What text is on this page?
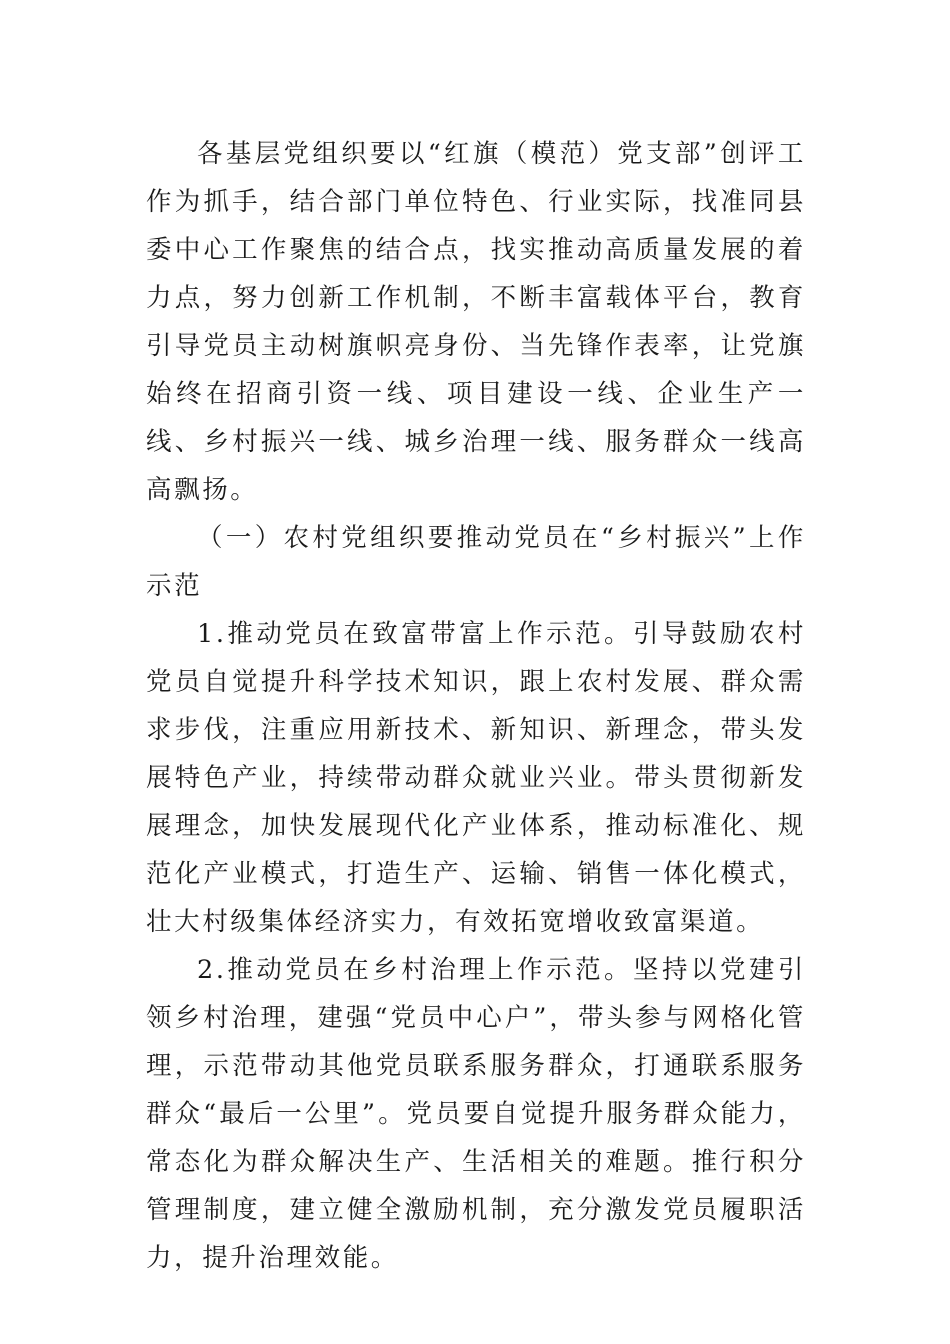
各基层党组织要以“红旗（模范）党支部”创评工作为抓手，结合部门单位特色、行业实际，找准同县委中心工作聚焦的结合点，找实推动高质量发展的着力点，努力创新工作机制，不断丰富载体平台，教育引导党员主动树旗帜亮身份、当先锋作表率，让党旗始终在招商引资一线、项目建设一线、企业生产一线、乡村振兴一线、城乡治理一线、服务群众一线高高飘扬。

（一）农村党组织要推动党员在“乡村振兴”上作示范

1.推动党员在致富带富上作示范。引导鼓励农村党员自觉提升科学技术知识，跟上农村发展、群众需求步伐，注重应用新技术、新知识、新理念，带头发展特色产业，持续带动群众就业兴业。带头贯彻新发展理念，加快发展现代化产业体系，推动标准化、规范化产业模式，打造生产、运输、销售一体化模式，壮大村级集体经济实力，有效拓宽增收致富渠道。

2.推动党员在乡村治理上作示范。坚持以党建引领乡村治理，建强“党员中心户”，带头参与网格化管理，示范带动其他党员联系服务群众，打通联系服务群众“最后一公里”。党员要自觉提升服务群众能力，常态化为群众解决生产、生活相关的难题。推行积分管理制度，建立健全激励机制，充分激发党员履职活力，提升治理效能。
